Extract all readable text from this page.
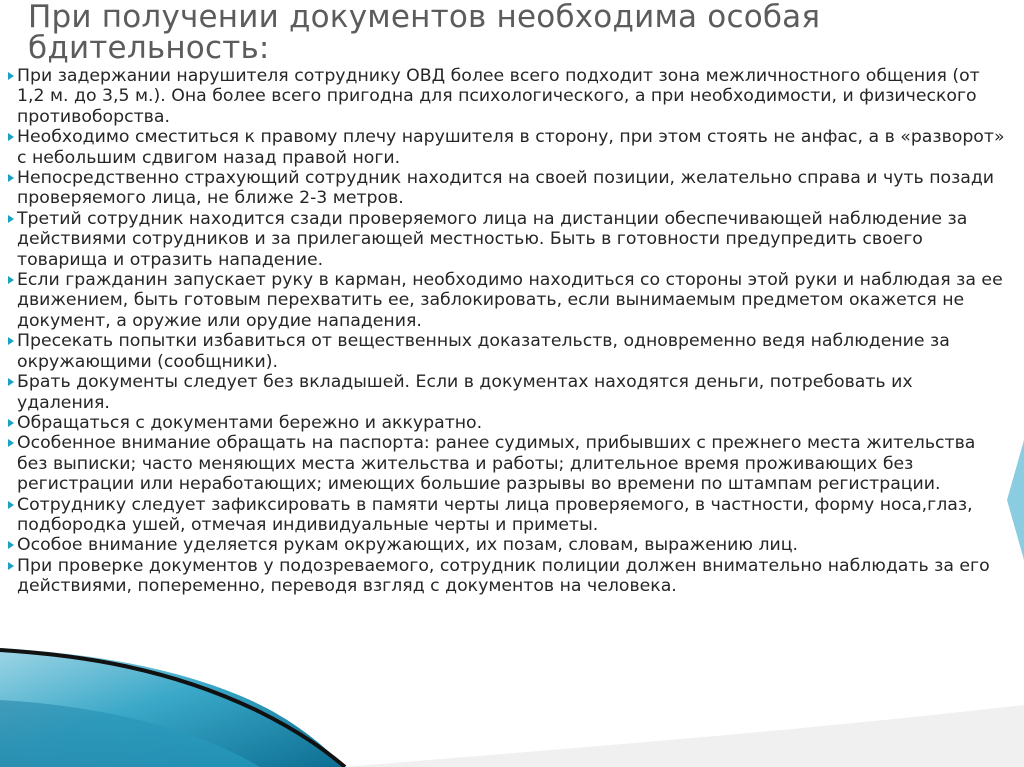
При получении документов необходима особая бдительность:
При задержании нарушителя сотруднику ОВД более всего подходит зона межличностного общения (от 1,2 м. до 3,5 м.). Она более всего пригодна для психологического, а при необходимости, и физического противоборства.
Необходимо сместиться к правому плечу нарушителя в сторону, при этом стоять не анфас, а в «разворот» с небольшим сдвигом назад правой ноги.
Непосредственно страхующий сотрудник находится на своей позиции, желательно справа и чуть позади проверяемого лица, не ближе 2-3 метров.
Третий сотрудник находится сзади проверяемого лица на дистанции обеспечивающей наблюдение за действиями сотрудников и за прилегающей местностью. Быть в готовности предупредить своего товарища и отразить нападение.
Если гражданин запускает руку в карман, необходимо находиться со стороны этой руки и наблюдая за ее движением, быть готовым перехватить ее, заблокировать, если вынимаемым предметом окажется не документ, а оружие или орудие нападения.
Пресекать попытки избавиться от вещественных доказательств, одновременно ведя наблюдение за окружающими (сообщники).
Брать документы следует без вкладышей. Если в документах находятся деньги, потребовать их удаления.
Обращаться с документами бережно и аккуратно.
Особенное внимание обращать на паспорта: ранее судимых, прибывших с прежнего места жительства без выписки; часто меняющих места жительства и работы; длительное время проживающих без регистрации или неработающих; имеющих большие разрывы во времени по штампам регистрации.
Сотруднику следует зафиксировать в памяти черты лица проверяемого, в частности, форму носа,глаз, подбородка ушей, отмечая индивидуальные черты и приметы.
Особое внимание уделяется рукам окружающих, их позам, словам, выражению лиц.
При проверке документов у подозреваемого, сотрудник полиции должен внимательно наблюдать за его действиями, попеременно, переводя взгляд с документов на человека.
